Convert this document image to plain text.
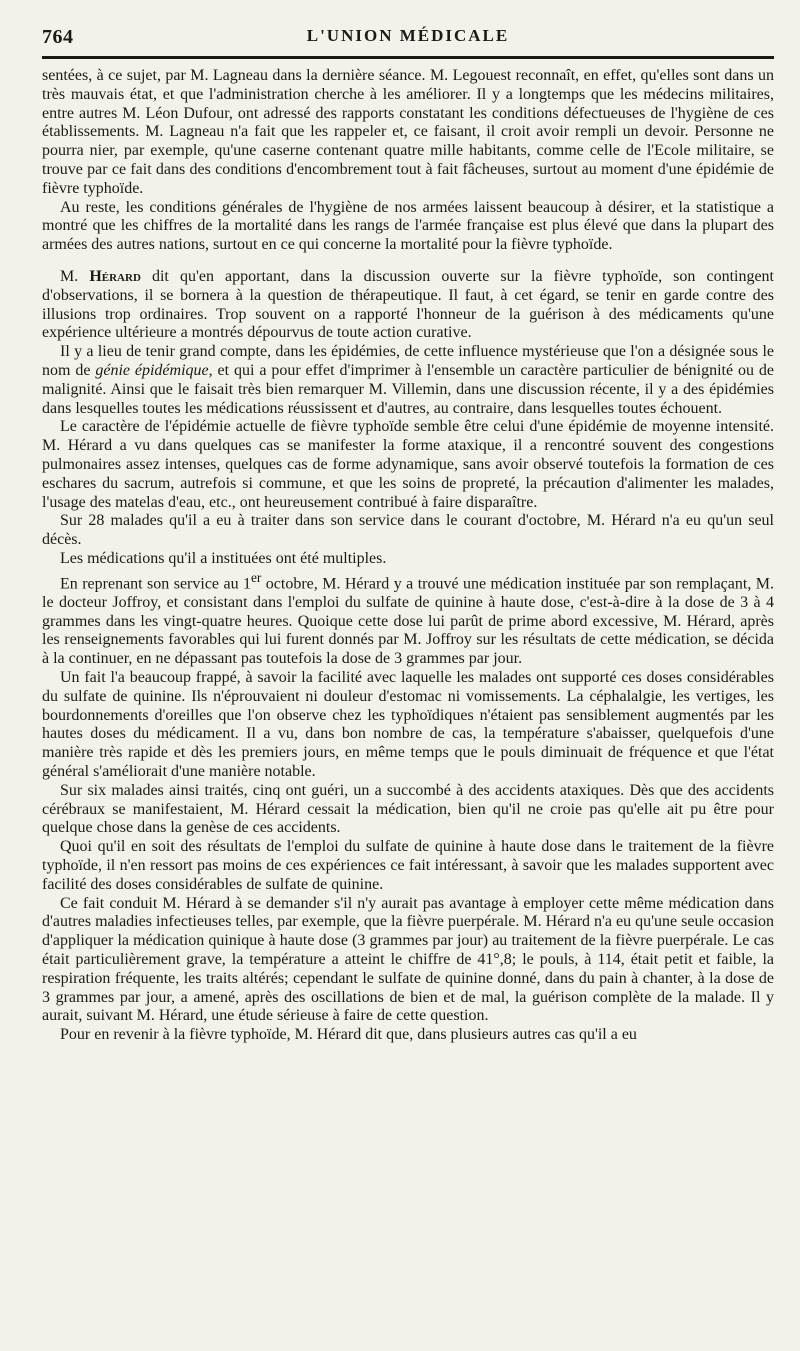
764	L'UNION MÉDICALE

sentées, à ce sujet, par M. Lagneau dans la dernière séance. M. Legouest reconnaît, en effet, qu'elles sont dans un très mauvais état, et que l'administration cherche à les améliorer. Il y a longtemps que les médecins militaires, entre autres M. Léon Dufour, ont adressé des rapports constatant les conditions défectueuses de l'hygiène de ces établissements. M. Lagneau n'a fait que les rappeler et, ce faisant, il croit avoir rempli un devoir. Personne ne pourra nier, par exemple, qu'une caserne contenant quatre mille habitants, comme celle de l'Ecole militaire, se trouve par ce fait dans des conditions d'encombrement tout à fait fâcheuses, surtout au moment d'une épidémie de fièvre typhoïde.

Au reste, les conditions générales de l'hygiène de nos armées laissent beaucoup à désirer, et la statistique a montré que les chiffres de la mortalité dans les rangs de l'armée française est plus élevé que dans la plupart des armées des autres nations, surtout en ce qui concerne la mortalité pour la fièvre typhoïde.

M. Hérard dit qu'en apportant, dans la discussion ouverte sur la fièvre typhoïde, son contingent d'observations, il se bornera à la question de thérapeutique. Il faut, à cet égard, se tenir en garde contre des illusions trop ordinaires. Trop souvent on a rapporté l'honneur de la guérison à des médicaments qu'une expérience ultérieure a montrés dépourvus de toute action curative.

Il y a lieu de tenir grand compte, dans les épidémies, de cette influence mystérieuse que l'on a désignée sous le nom de génie épidémique, et qui a pour effet d'imprimer à l'ensemble un caractère particulier de bénignité ou de malignité. Ainsi que le faisait très bien remarquer M. Villemin, dans une discussion récente, il y a des épidémies dans lesquelles toutes les médications réussissent et d'autres, au contraire, dans lesquelles toutes échouent.

Le caractère de l'épidémie actuelle de fièvre typhoïde semble être celui d'une épidémie de moyenne intensité. M. Hérard a vu dans quelques cas se manifester la forme ataxique, il a rencontré souvent des congestions pulmonaires assez intenses, quelques cas de forme adynamique, sans avoir observé toutefois la formation de ces eschares du sacrum, autrefois si commune, et que les soins de propreté, la précaution d'alimenter les malades, l'usage des matelas d'eau, etc., ont heureusement contribué à faire disparaître.

Sur 28 malades qu'il a eu à traiter dans son service dans le courant d'octobre, M. Hérard n'a eu qu'un seul décès.

Les médications qu'il a instituées ont été multiples.

En reprenant son service au 1er octobre, M. Hérard y a trouvé une médication instituée par son remplaçant, M. le docteur Joffroy, et consistant dans l'emploi du sulfate de quinine à haute dose, c'est-à-dire à la dose de 3 à 4 grammes dans les vingt-quatre heures. Quoique cette dose lui parût de prime abord excessive, M. Hérard, après les renseignements favorables qui lui furent donnés par M. Joffroy sur les résultats de cette médication, se décida à la continuer, en ne dépassant pas toutefois la dose de 3 grammes par jour.

Un fait l'a beaucoup frappé, à savoir la facilité avec laquelle les malades ont supporté ces doses considérables du sulfate de quinine. Ils n'éprouvaient ni douleur d'estomac ni vomissements. La céphalalgie, les vertiges, les bourdonnements d'oreilles que l'on observe chez les typhoïdiques n'étaient pas sensiblement augmentés par les hautes doses du médicament. Il a vu, dans bon nombre de cas, la température s'abaisser, quelquefois d'une manière très rapide et dès les premiers jours, en même temps que le pouls diminuait de fréquence et que l'état général s'améliorait d'une manière notable.

Sur six malades ainsi traités, cinq ont guéri, un a succombé à des accidents ataxiques. Dès que des accidents cérébraux se manifestaient, M. Hérard cessait la médication, bien qu'il ne croie pas qu'elle ait pu être pour quelque chose dans la genèse de ces accidents.

Quoi qu'il en soit des résultats de l'emploi du sulfate de quinine à haute dose dans le traitement de la fièvre typhoïde, il n'en ressort pas moins de ces expériences ce fait intéressant, à savoir que les malades supportent avec facilité des doses considérables de sulfate de quinine.

Ce fait conduit M. Hérard à se demander s'il n'y aurait pas avantage à employer cette même médication dans d'autres maladies infectieuses telles, par exemple, que la fièvre puerpérale. M. Hérard n'a eu qu'une seule occasion d'appliquer la médication quinique à haute dose (3 grammes par jour) au traitement de la fièvre puerpérale. Le cas était particulièrement grave, la température a atteint le chiffre de 41°,8; le pouls, à 114, était petit et faible, la respiration fréquente, les traits altérés; cependant le sulfate de quinine donné, dans du pain à chanter, à la dose de 3 grammes par jour, a amené, après des oscillations de bien et de mal, la guérison complète de la malade. Il y aurait, suivant M. Hérard, une étude sérieuse à faire de cette question.

Pour en revenir à la fièvre typhoïde, M. Hérard dit que, dans plusieurs autres cas qu'il a eu
